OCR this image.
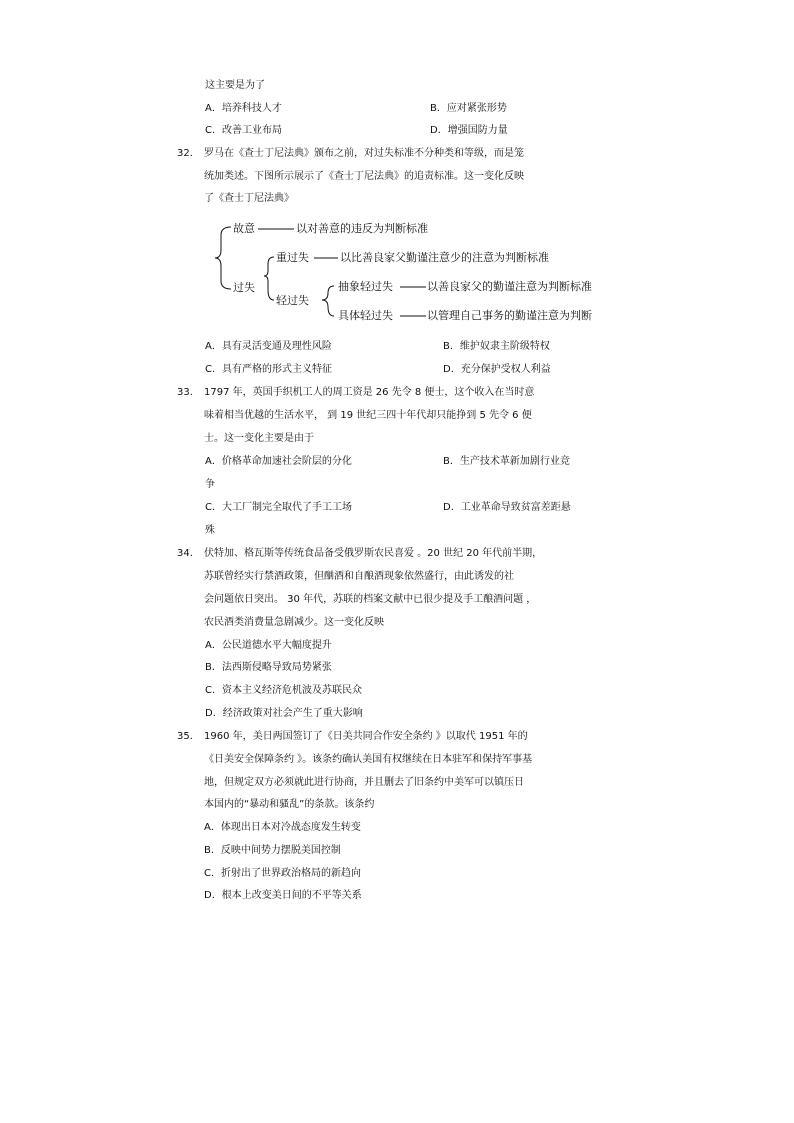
这主要是为了
A．培养科技人才	B．应对紧张形势
C．改善工业布局	D．增强国防力量
32． 罗马在《查士丁尼法典》颁布之前，对过失标准不分种类和等级，而是笼
统加类述。下图所示展示了《查士丁尼法典》的追责标准。这一变化反映
了《查士丁尼法典》
故意	以对善意的违反为判断标准
重过失	以比善良家父勤谨注意少的注意为判断标准
过失	抽象轻过失	以善良家父的勤谨注意为判断标准
轻过失
具体轻过失	以管理自己事务的勤谨注意为判断
A．具有灵活变通及理性风险	B．维护奴隶主阶级特权
C．具有严格的形式主义特征	D．充分保护受权人利益
33． 1797 年，英国手织机工人的周工资是 26 先令 8 便士，这个收入在当时意
味着相当优越的生活水平， 到 19 世纪三四十年代却只能挣到 5 先令 6 便
士。这一变化主要是由于
A．价格革命加速社会阶层的分化	B．生产技术革新加剧行业竞
争
C．大工厂制完全取代了手工工场	D．工业革命导致贫富差距悬
殊
34． 伏特加、格瓦斯等传统食品备受俄罗斯农民喜爱 。20 世纪 20 年代前半期，
苏联曾经实行禁酒政策，但酗酒和自酿酒现象依然盛行，由此诱发的社
会问题依日突出。 30 年代，苏联的档案文献中已很少提及手工酿酒问题 ，
农民酒类消费量急剧减少。这一变化反映
A．公民道德水平大幅度提升
B．法西斯侵略导致局势紧张
C．资本主义经济危机波及苏联民众
D．经济政策对社会产生了重大影响
35． 1960 年，美日两国签订了《日美共同合作安全条约 》以取代 1951 年的
《日美安全保障条约 》。该条约确认美国有权继续在日本驻军和保持军事基
地，但规定双方必须就此进行协商，并且删去了旧条约中美军可以镇压日
本国内的“暴动和骚乱”的条款。该条约
A．体现出日本对冷战态度发生转变
B．反映中间势力摆脱美国控制
C．折射出了世界政治格局的新趋向
D．根本上改变美日间的不平等关系
